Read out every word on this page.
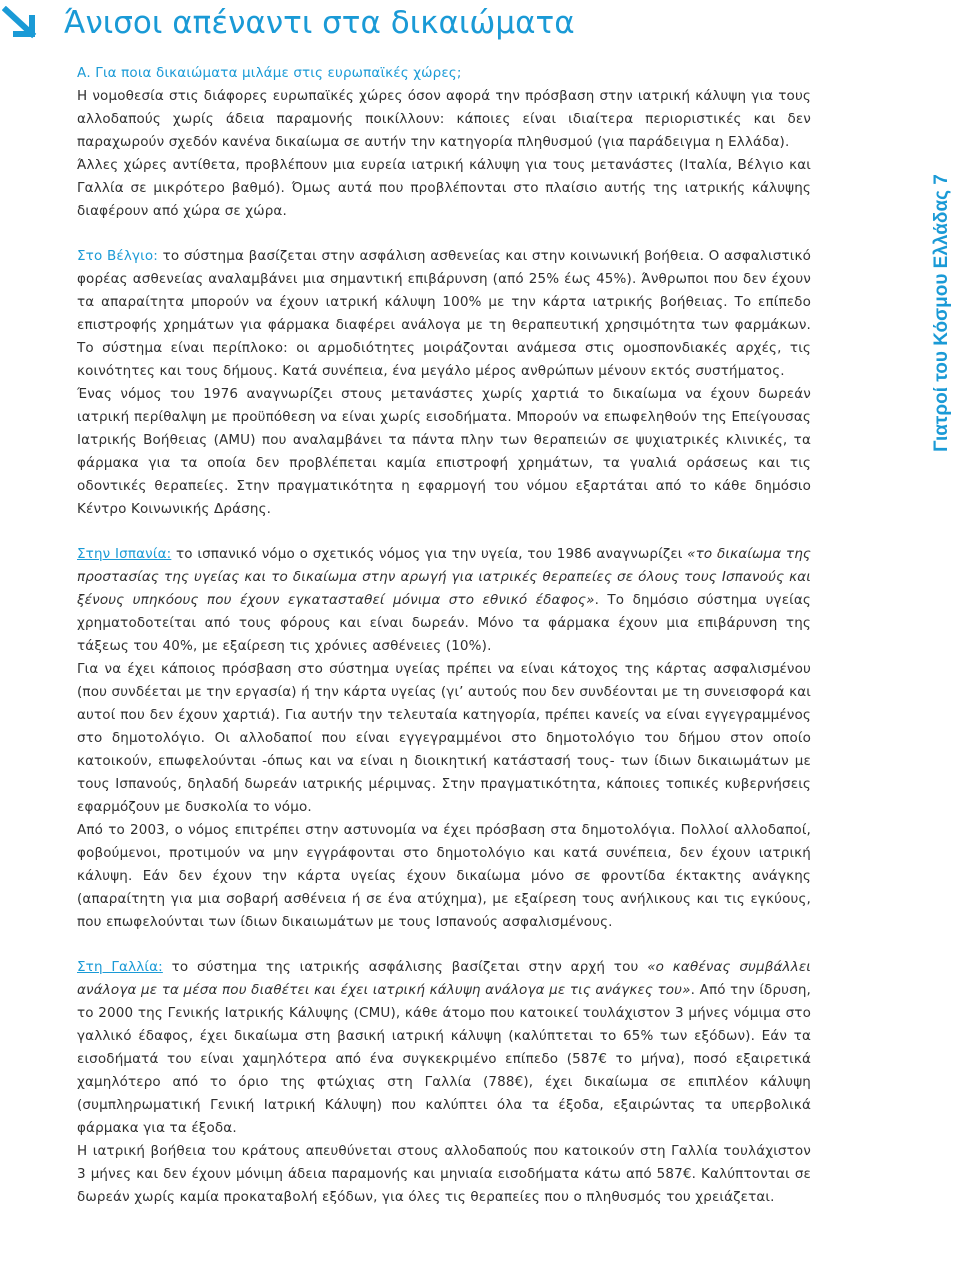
Άνισοι απέναντι στα δικαιώματα
Γιατροί του Κόσμου Ελλάδας 7

Α. Για ποια δικαιώματα μιλάμε στις ευρωπαϊκές χώρες;

Η νομοθεσία στις διάφορες ευρωπαϊκές χώρες όσον αφορά την πρόσβαση στην ιατρική κάλυψη για τους αλλοδαπούς χωρίς άδεια παραμονής ποικίλλουν: κάποιες είναι ιδιαίτερα περιοριστικές και δεν παραχωρούν σχεδόν κανένα δικαίωμα σε αυτήν την κατηγορία πληθυσμού (για παράδειγμα η Ελλάδα).

Άλλες χώρες αντίθετα, προβλέπουν μια ευρεία ιατρική κάλυψη για τους μετανάστες (Ιταλία, Βέλγιο και Γαλλία σε μικρότερο βαθμό). Όμως αυτά που προβλέπονται στο πλαίσιο αυτής της ιατρικής κάλυψης διαφέρουν από χώρα σε χώρα.

Στο Βέλγιο: το σύστημα βασίζεται στην ασφάλιση ασθενείας και στην κοινωνική βοήθεια. Ο ασφαλιστικό φορέας ασθενείας αναλαμβάνει μια σημαντική επιβάρυνση (από 25% έως 45%). Άνθρωποι που δεν έχουν τα απαραίτητα μπορούν να έχουν ιατρική κάλυψη 100% με την κάρτα ιατρικής βοήθειας. Το επίπεδο επιστροφής χρημάτων για φάρμακα διαφέρει ανάλογα με τη θεραπευτική χρησιμότητα των φαρμάκων. Το σύστημα είναι περίπλοκο: οι αρμοδιότητες μοιράζονται ανάμεσα στις ομοσπονδιακές αρχές, τις κοινότητες και τους δήμους. Κατά συνέπεια, ένα μεγάλο μέρος ανθρώπων μένουν εκτός συστήματος.

Ένας νόμος του 1976 αναγνωρίζει στους μετανάστες χωρίς χαρτιά το δικαίωμα να έχουν δωρεάν ιατρική περίθαλψη με προϋπόθεση να είναι χωρίς εισοδήματα. Μπορούν να επωφεληθούν της Επείγουσας Ιατρικής Βοήθειας (AMU) που αναλαμβάνει τα πάντα πλην των θεραπειών σε ψυχιατρικές κλινικές, τα φάρμακα για τα οποία δεν προβλέπεται καμία επιστροφή χρημάτων, τα γυαλιά οράσεως και τις οδοντικές θεραπείες. Στην πραγματικότητα η εφαρμογή του νόμου εξαρτάται από το κάθε δημόσιο Κέντρο Κοινωνικής Δράσης.

Στην Ισπανία: το ισπανικό νόμο ο σχετικός νόμος για την υγεία, του 1986 αναγνωρίζει «το δικαίωμα της προστασίας της υγείας και το δικαίωμα στην αρωγή για ιατρικές θεραπείες σε όλους τους Ισπανούς και ξένους υπηκόους που έχουν εγκατασταθεί μόνιμα στο εθνικό έδαφος». Το δημόσιο σύστημα υγείας χρηματοδοτείται από τους φόρους και είναι δωρεάν. Μόνο τα φάρμακα έχουν μια επιβάρυνση της τάξεως του 40%, με εξαίρεση τις χρόνιες ασθένειες (10%).

Για να έχει κάποιος πρόσβαση στο σύστημα υγείας πρέπει να είναι κάτοχος της κάρτας ασφαλισμένου (που συνδέεται με την εργασία) ή την κάρτα υγείας (γι’ αυτούς που δεν συνδέονται με τη συνεισφορά και αυτοί που δεν έχουν χαρτιά). Για αυτήν την τελευταία κατηγορία, πρέπει κανείς να είναι εγγεγραμμένος στο δημοτολόγιο. Οι αλλοδαποί που είναι εγγεγραμμένοι στο δημοτολόγιο του δήμου στον οποίο κατοικούν, επωφελούνται -όπως και να είναι η διοικητική κατάστασή τους- των ίδιων δικαιωμάτων με τους Ισπανούς, δηλαδή δωρεάν ιατρικής μέριμνας. Στην πραγματικότητα, κάποιες τοπικές κυβερνήσεις εφαρμόζουν με δυσκολία το νόμο.

Από το 2003, ο νόμος επιτρέπει στην αστυνομία να έχει πρόσβαση στα δημοτολόγια. Πολλοί αλλοδαποί, φοβούμενοι, προτιμούν να μην εγγράφονται στο δημοτολόγιο και κατά συνέπεια, δεν έχουν ιατρική κάλυψη. Εάν δεν έχουν την κάρτα υγείας έχουν δικαίωμα μόνο σε φροντίδα έκτακτης ανάγκης (απαραίτητη για μια σοβαρή ασθένεια ή σε ένα ατύχημα), με εξαίρεση τους ανήλικους και τις εγκύους, που επωφελούνται των ίδιων δικαιωμάτων με τους Ισπανούς ασφαλισμένους.

Στη Γαλλία: το σύστημα της ιατρικής ασφάλισης βασίζεται στην αρχή του «ο καθένας συμβάλλει ανάλογα με τα μέσα που διαθέτει και έχει ιατρική κάλυψη ανάλογα με τις ανάγκες του». Από την ίδρυση, το 2000 της Γενικής Ιατρικής Κάλυψης (CMU), κάθε άτομο που κατοικεί τουλάχιστον 3 μήνες νόμιμα στο γαλλικό έδαφος, έχει δικαίωμα στη βασική ιατρική κάλυψη (καλύπτεται το 65% των εξόδων). Εάν τα εισοδήματά του είναι χαμηλότερα από ένα συγκεκριμένο επίπεδο (587€ το μήνα), ποσό εξαιρετικά χαμηλότερο από το όριο της φτώχιας στη Γαλλία (788€), έχει δικαίωμα σε επιπλέον κάλυψη (συμπληρωματική Γενική Ιατρική Κάλυψη) που καλύπτει όλα τα έξοδα, εξαιρώντας τα υπερβολικά φάρμακα για τα έξοδα.

Η ιατρική βοήθεια του κράτους απευθύνεται στους αλλοδαπούς που κατοικούν στη Γαλλία τουλάχιστον 3 μήνες και δεν έχουν μόνιμη άδεια παραμονής και μηνιαία εισοδήματα κάτω από 587€. Καλύπτονται σε δωρεάν χωρίς καμία προκαταβολή εξόδων, για όλες τις θεραπείες που ο πληθυσμός του χρειάζεται.
